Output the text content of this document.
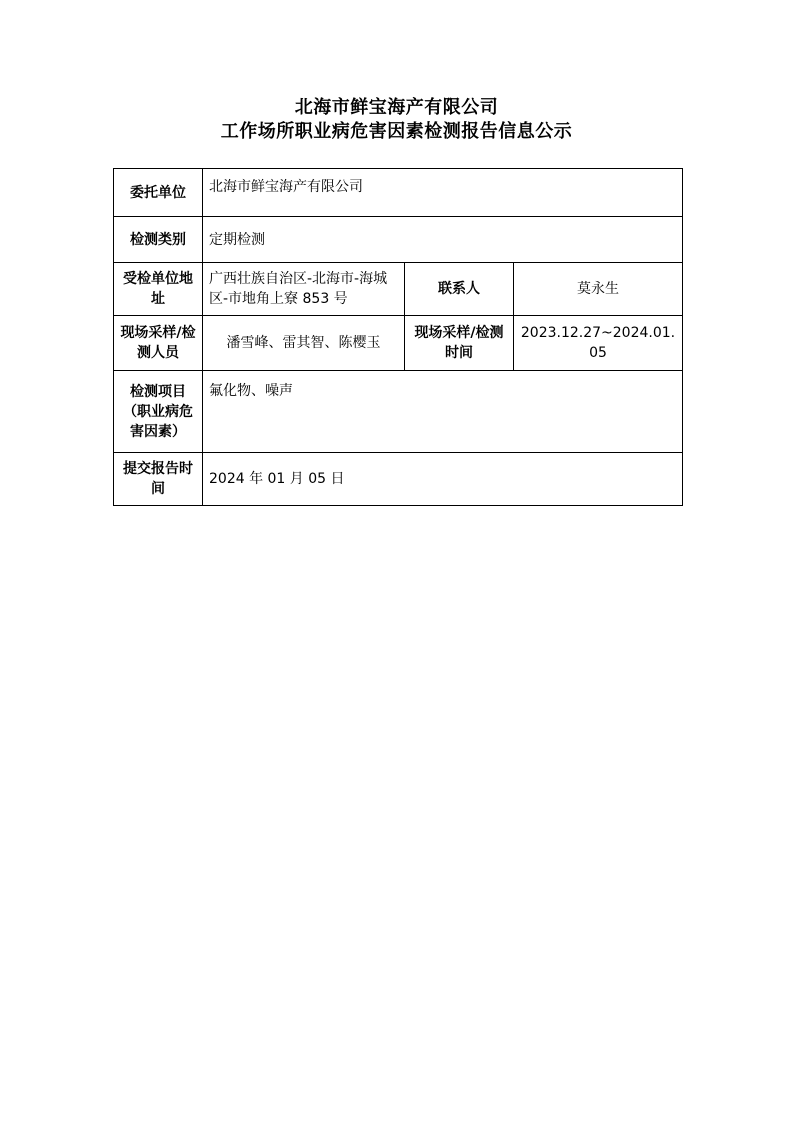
北海市鲜宝海产有限公司
工作场所职业病危害因素检测报告信息公示
委托单位	北海市鲜宝海产有限公司		
检测类别	定期检测		
受检单位地址	广西壮族自治区-北海市-海城区-市地角上寮 853 号	联系人	莫永生
现场采样/检测人员	潘雪峰、雷其智、陈樱玉	现场采样/检测时间	2023.12.27~2024.01.05
检测项目（职业病危害因素）	氟化物、噪声		
提交报告时间	2024 年 01 月 05 日		
